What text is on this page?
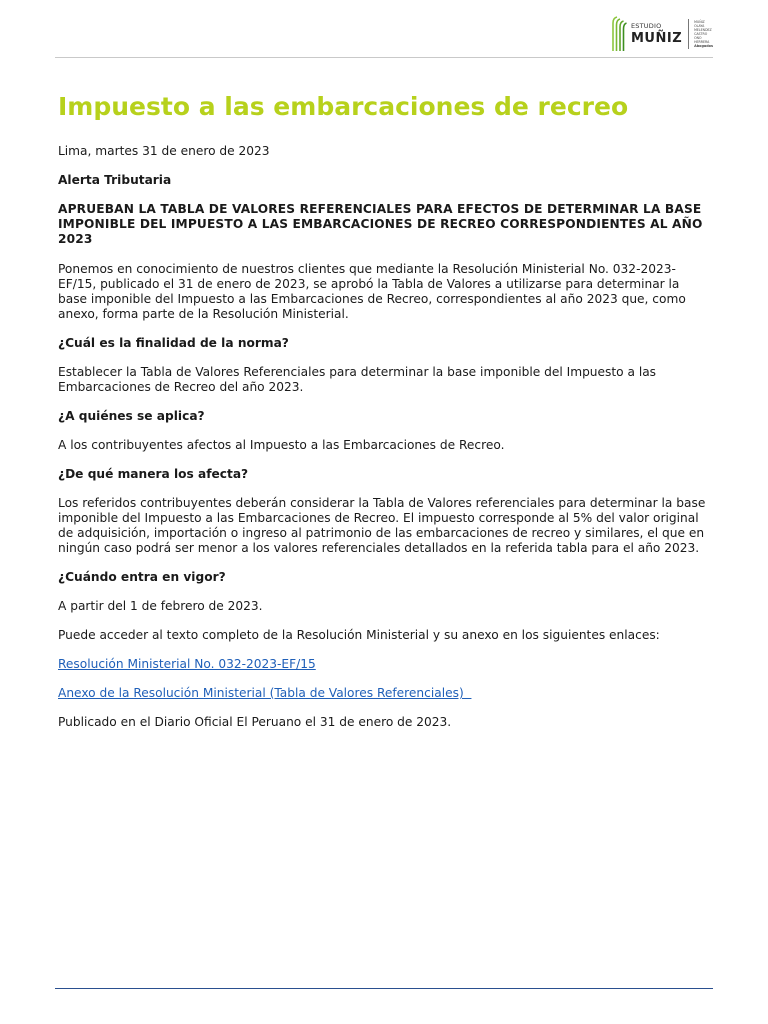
ESTUDIO
MUÑIZ
MUÑIZ
OLAYA
MELENDEZ
CASTRO
ONO
HERRERA
Abogados
Impuesto a las embarcaciones de recreo

Lima, martes 31 de enero de 2023

Alerta Tributaria

APRUEBAN LA TABLA DE VALORES REFERENCIALES PARA EFECTOS DE DETERMINAR LA BASE IMPONIBLE DEL IMPUESTO A LAS EMBARCACIONES DE RECREO CORRESPONDIENTES AL AÑO 2023

Ponemos en conocimiento de nuestros clientes que mediante la Resolución Ministerial No. 032-2023-EF/15, publicado el 31 de enero de 2023, se aprobó la Tabla de Valores a utilizarse para determinar la base imponible del Impuesto a las Embarcaciones de Recreo, correspondientes al año 2023 que, como anexo, forma parte de la Resolución Ministerial.

¿Cuál es la finalidad de la norma?

Establecer la Tabla de Valores Referenciales para determinar la base imponible del Impuesto a las Embarcaciones de Recreo del año 2023.

¿A quiénes se aplica?

A los contribuyentes afectos al Impuesto a las Embarcaciones de Recreo.

¿De qué manera los afecta?

Los referidos contribuyentes deberán considerar la Tabla de Valores referenciales para determinar la base imponible del Impuesto a las Embarcaciones de Recreo. El impuesto corresponde al 5% del valor original de adquisición, importación o ingreso al patrimonio de las embarcaciones de recreo y similares, el que en ningún caso podrá ser menor a los valores referenciales detallados en la referida tabla para el año 2023.

¿Cuándo entra en vigor?

A partir del 1 de febrero de 2023.

Puede acceder al texto completo de la Resolución Ministerial y su anexo en los siguientes enlaces:

Resolución Ministerial No. 032-2023-EF/15

Anexo de la Resolución Ministerial (Tabla de Valores Referenciales)

Publicado en el Diario Oficial El Peruano el 31 de enero de 2023.
